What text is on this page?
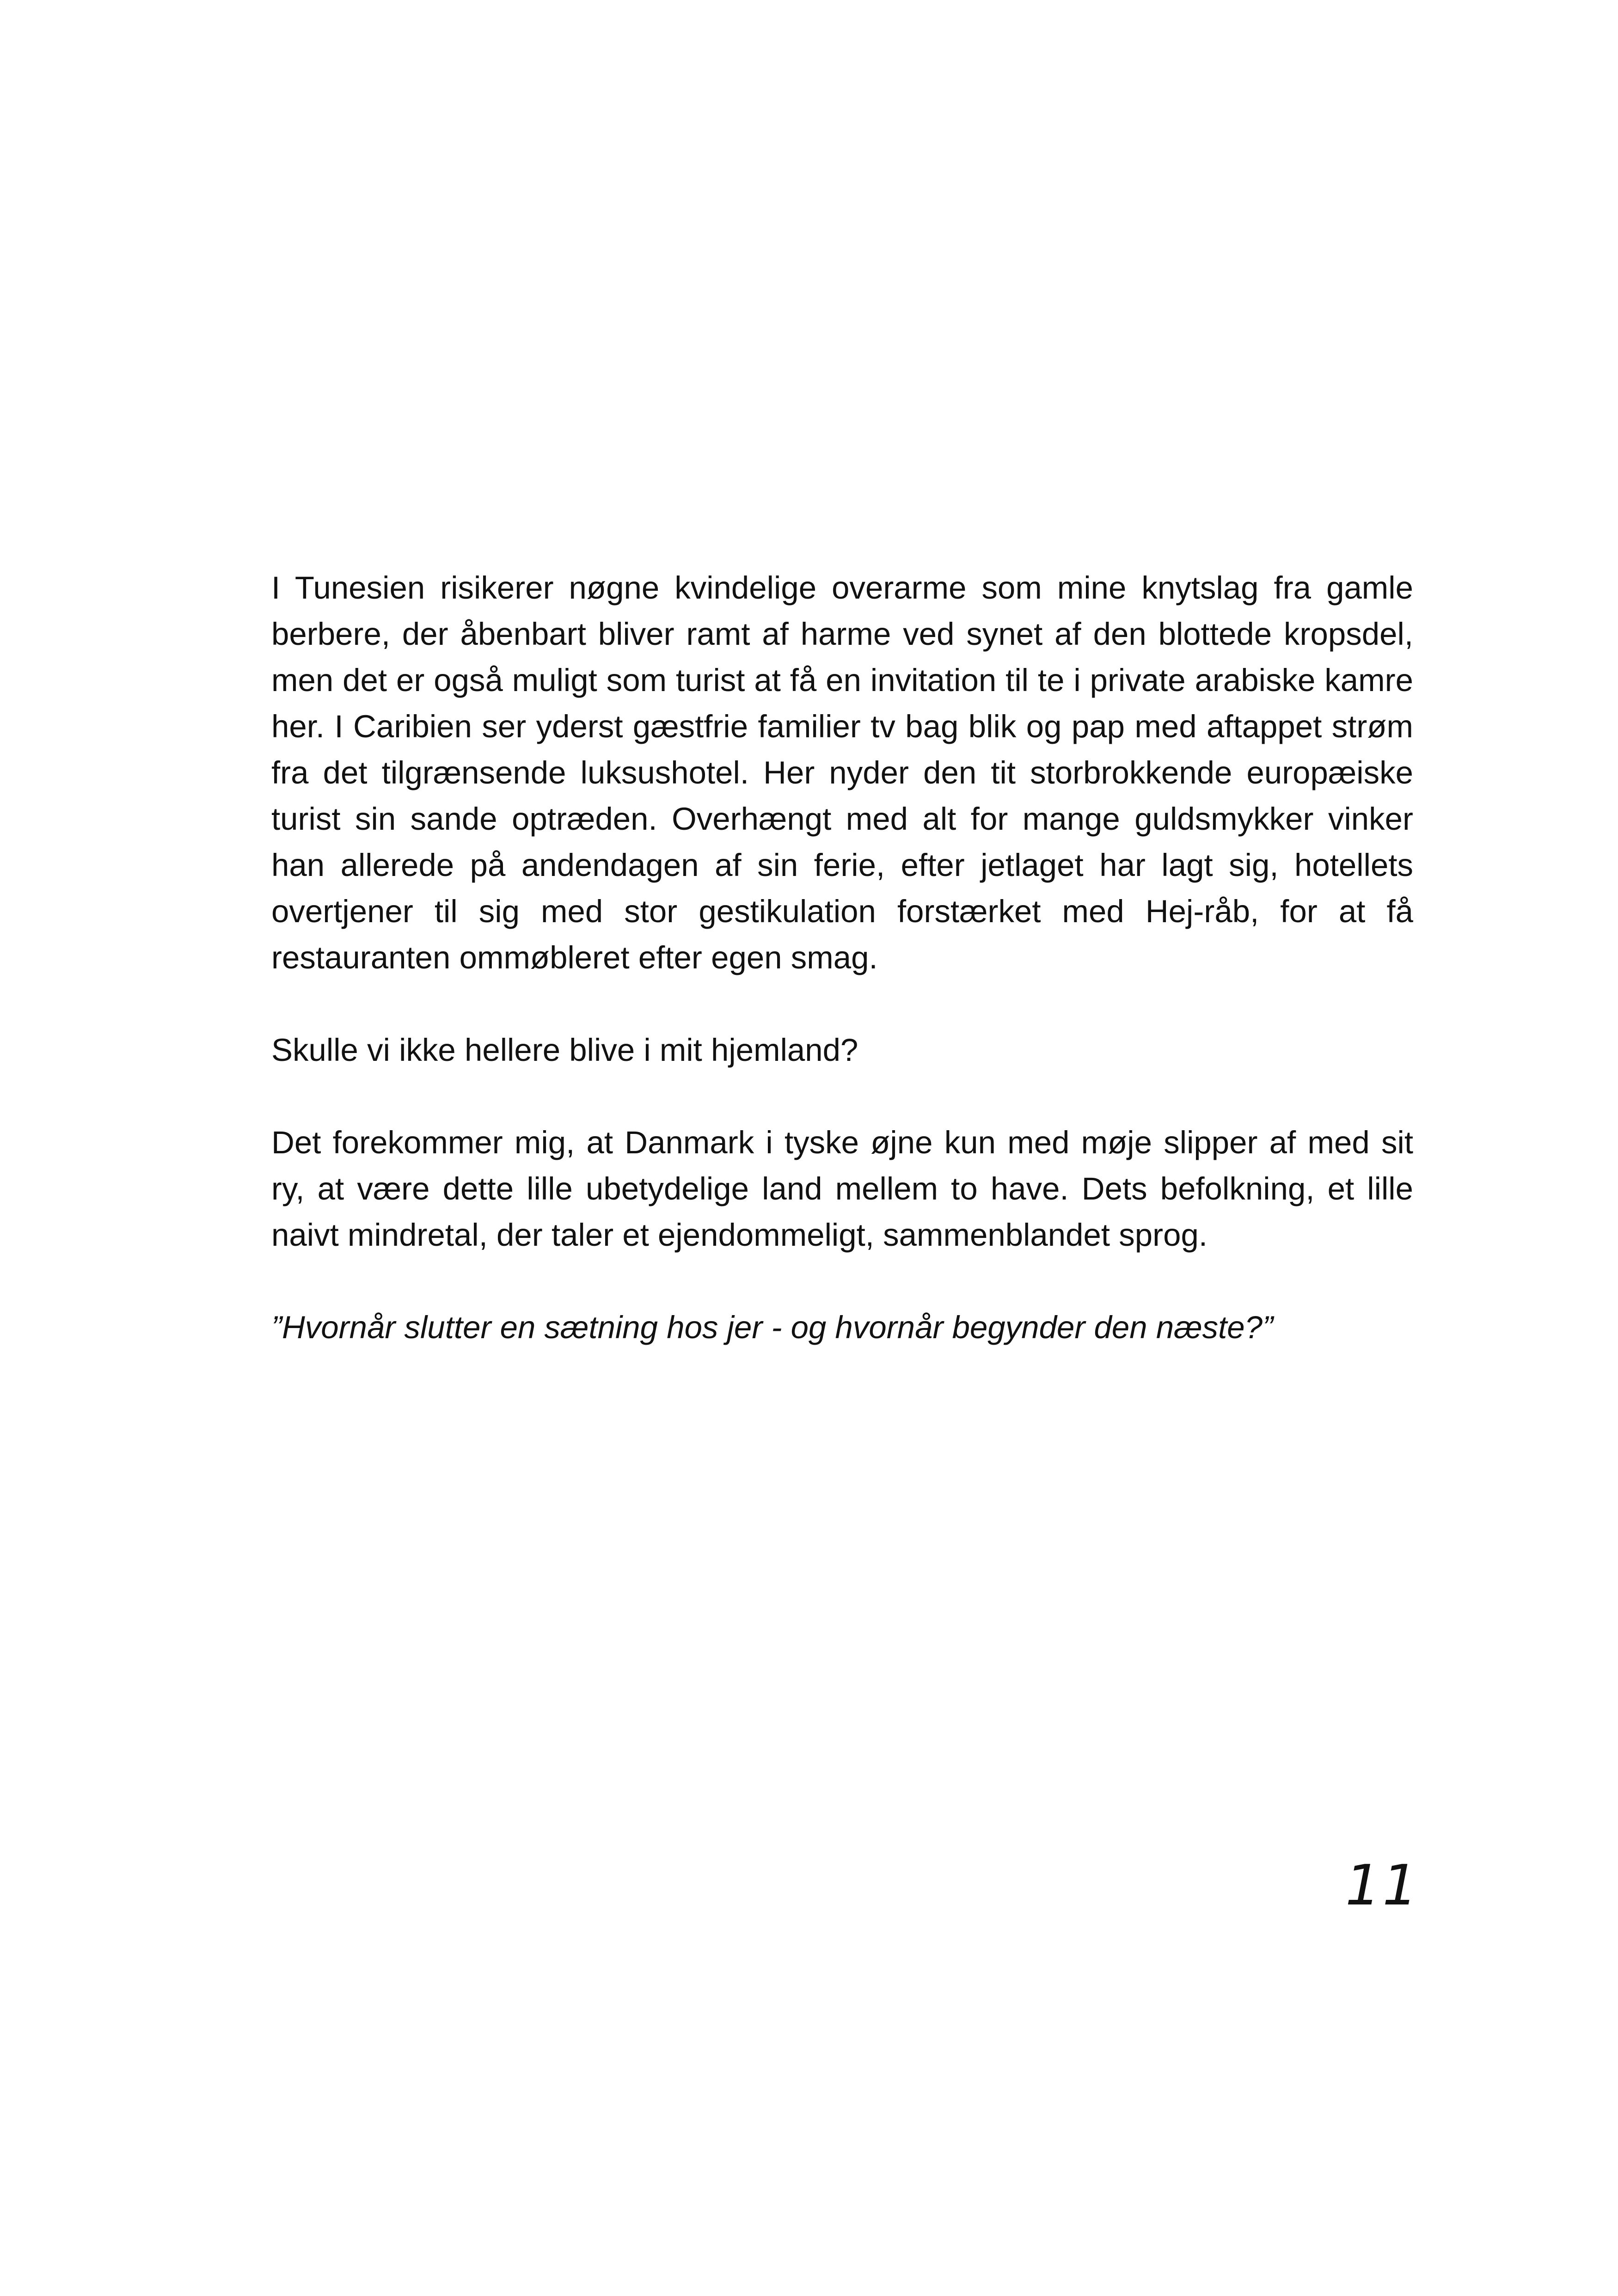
I Tunesien risikerer nøgne kvindelige overarme som mine knytslag fra gamle berbere, der åbenbart bliver ramt af harme ved synet af den blottede kropsdel, men det er også muligt som turist at få en invitation til te i private arabiske kamre her. I Caribien ser yderst gæstfrie familier tv bag blik og pap med aftappet strøm fra det tilgrænsende luksushotel. Her nyder den tit storbrokkende europæiske turist sin sande optræden. Overhængt med alt for mange guldsmykker vinker han allerede på andendagen af sin ferie, efter jetlaget har lagt sig, hotellets overtjener til sig med stor gestikulation forstærket med Hej-råb, for at få restauranten ommøbleret efter egen smag.

Skulle vi ikke hellere blive i mit hjemland?

Det forekommer mig, at Danmark i tyske øjne kun med møje slipper af med sit ry, at være dette lille ubetydelige land mellem to have. Dets befolkning, et lille naivt mindretal, der taler et ejendommeligt, sammenblandet sprog.

”Hvornår slutter en sætning hos jer - og hvornår begynder den næste?”

11
